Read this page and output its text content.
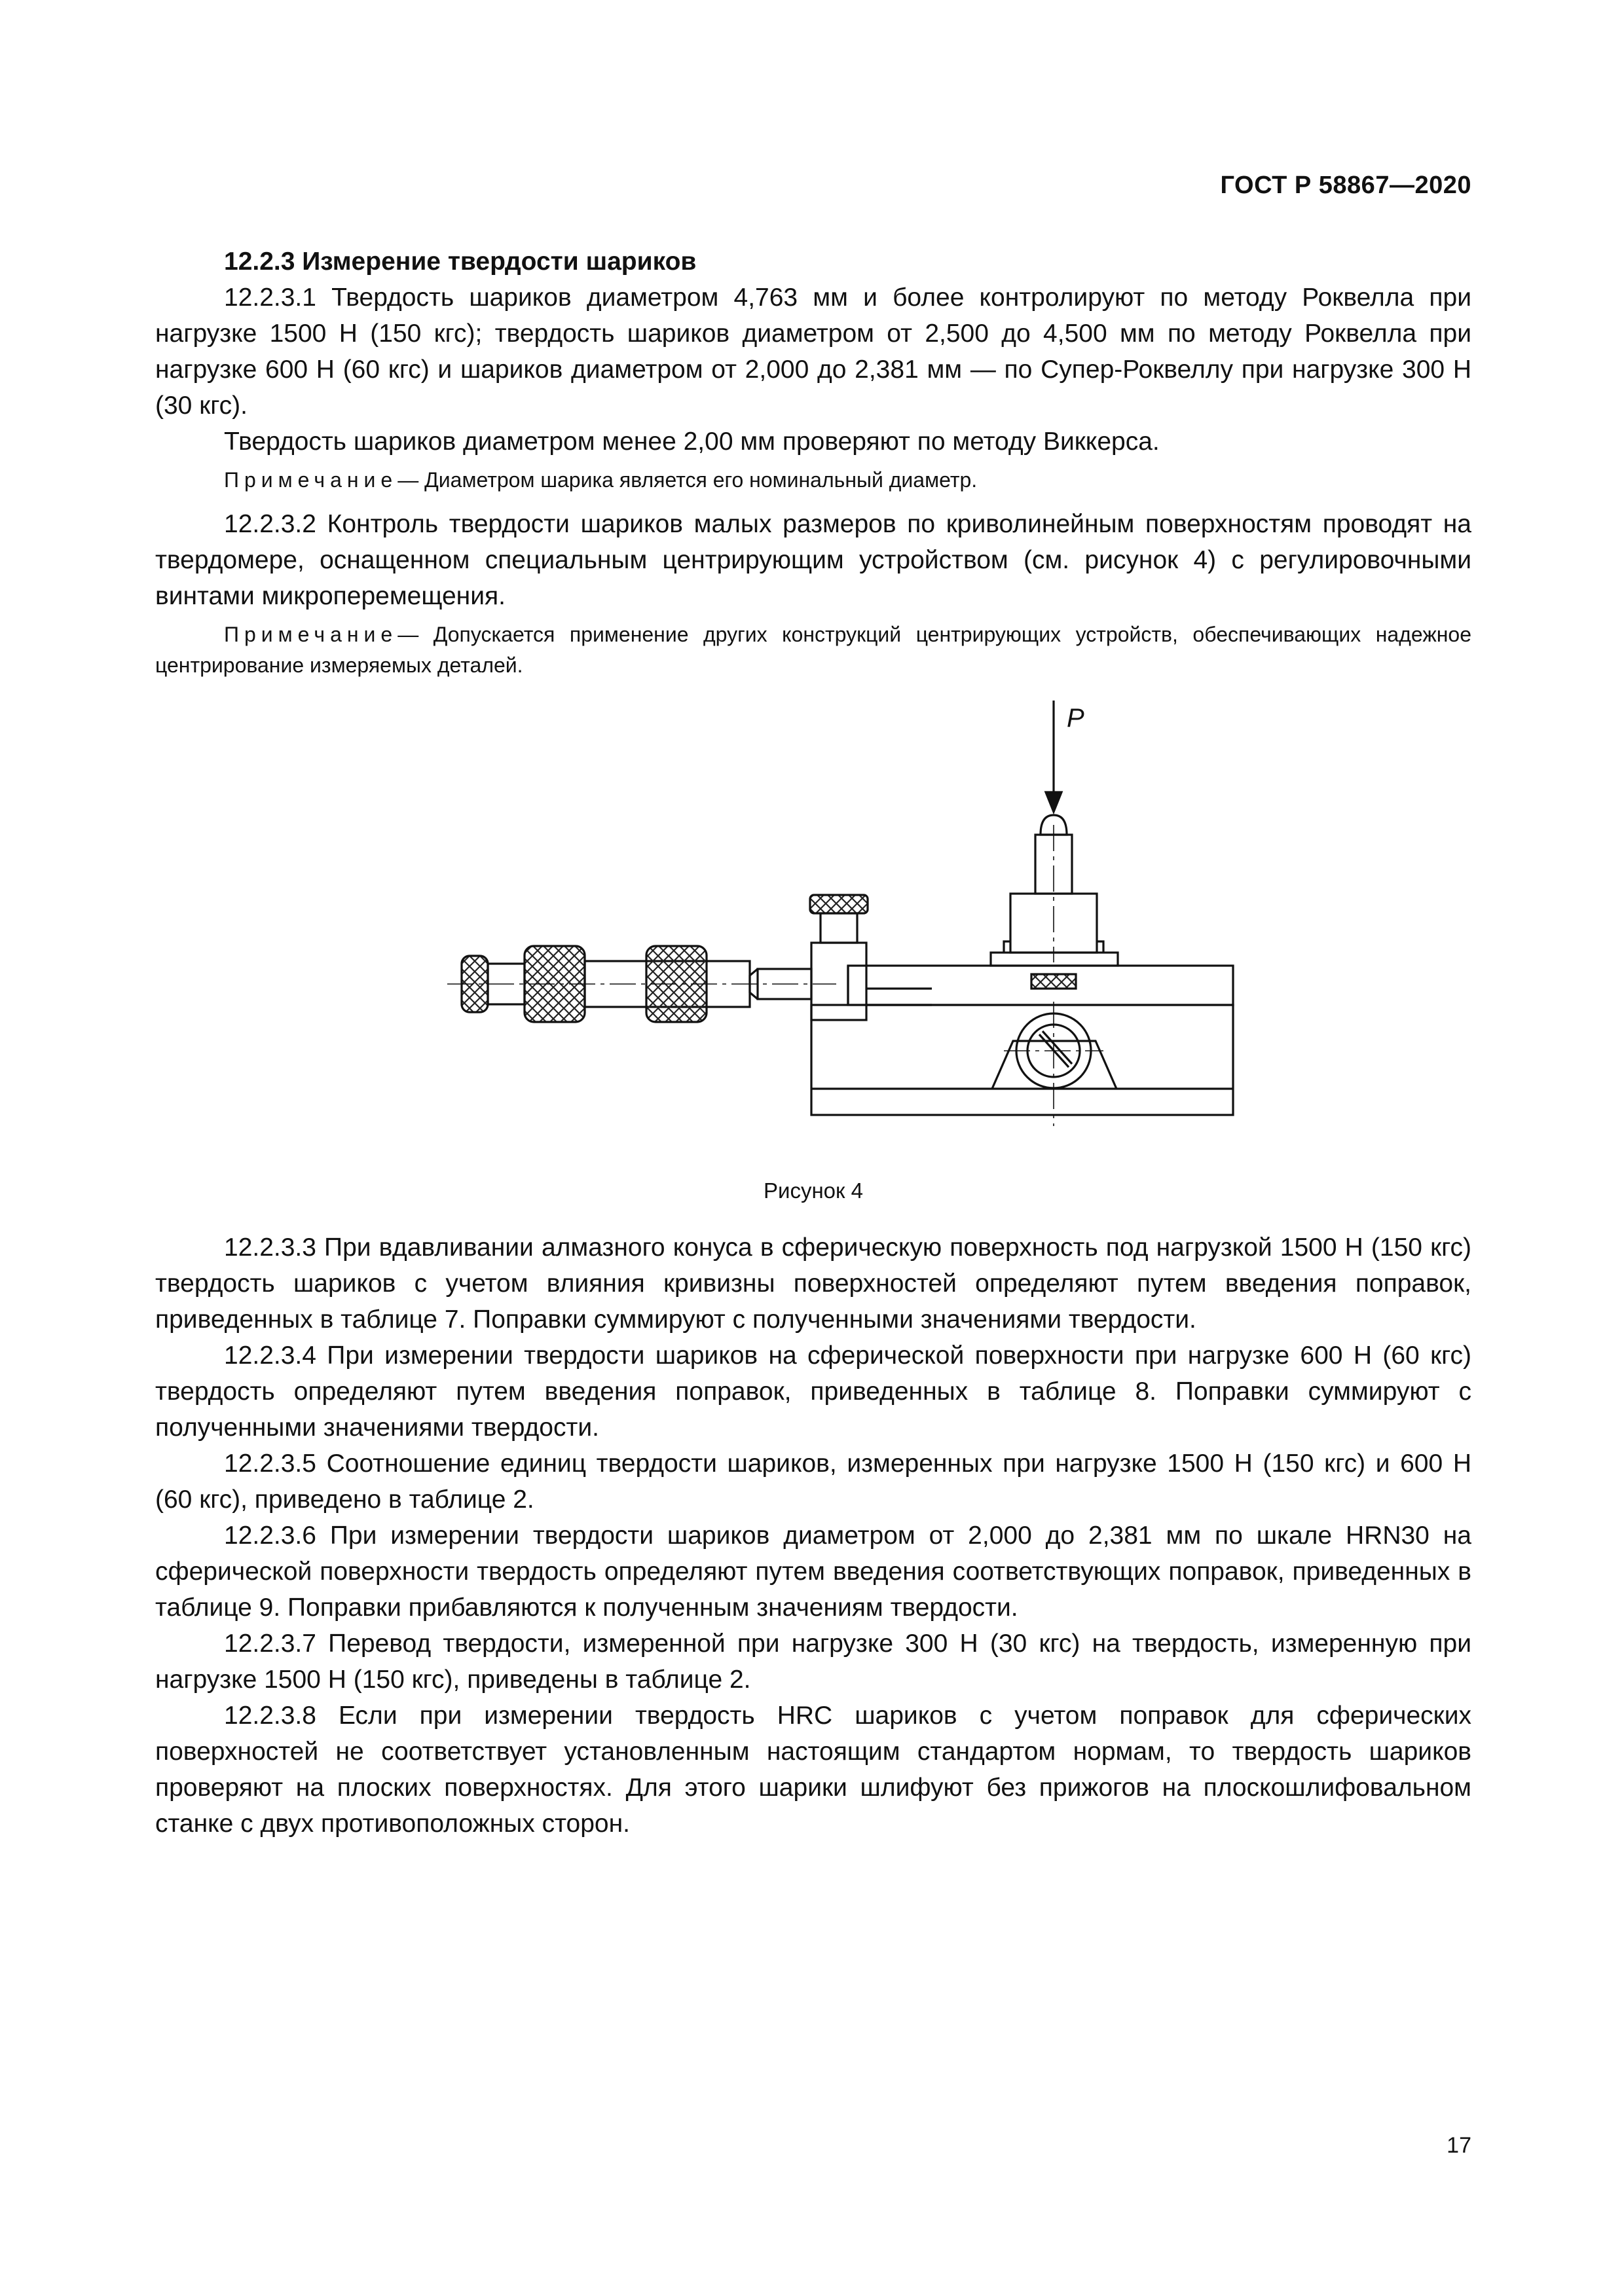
ГОСТ Р 58867—2020
12.2.3 Измерение твердости шариков

12.2.3.1 Твердость шариков диаметром 4,763 мм и более контролируют по методу Роквелла при нагрузке 1500 Н (150 кгс); твердость шариков диаметром от 2,500 до 4,500 мм по методу Роквелла при нагрузке 600 Н (60 кгс) и шариков диаметром от 2,000 до 2,381 мм — по Супер-Роквеллу при нагрузке 300 Н (30 кгс).

Твердость шариков диаметром менее 2,00 мм проверяют по методу Виккерса.

Примечание— Диаметром шарика является его номинальный диаметр.

12.2.3.2 Контроль твердости шариков малых размеров по криволинейным поверхностям проводят на твердомере, оснащенном специальным центрирующим устройством (см. рисунок 4) с регулировочными винтами микроперемещения.

Примечание— Допускается применение других конструкций центрирующих устройств, обеспечивающих надежное центрирование измеряемых деталей.

P

Рисунок 4

12.2.3.3 При вдавливании алмазного конуса в сферическую поверхность под нагрузкой 1500 Н (150 кгс) твердость шариков с учетом влияния кривизны поверхностей определяют путем введения поправок, приведенных в таблице 7. Поправки суммируют с полученными значениями твердости.

12.2.3.4 При измерении твердости шариков на сферической поверхности при нагрузке 600 Н (60 кгс) твердость определяют путем введения поправок, приведенных в таблице 8. Поправки суммируют с полученными значениями твердости.

12.2.3.5 Соотношение единиц твердости шариков, измеренных при нагрузке 1500 Н (150 кгс) и 600 Н (60 кгс), приведено в таблице 2.

12.2.3.6 При измерении твердости шариков диаметром от 2,000 до 2,381 мм по шкале HRN30 на сферической поверхности твердость определяют путем введения соответствующих поправок, приведенных в таблице 9. Поправки прибавляются к полученным значениям твердости.

12.2.3.7 Перевод твердости, измеренной при нагрузке 300 Н (30 кгс) на твердость, измеренную при нагрузке 1500 Н (150 кгс), приведены в таблице 2.

12.2.3.8 Если при измерении твердость HRC шариков с учетом поправок для сферических поверхностей не соответствует установленным настоящим стандартом нормам, то твердость шариков проверяют на плоских поверхностях. Для этого шарики шлифуют без прижогов на плоскошлифовальном станке с двух противоположных сторон.

17
